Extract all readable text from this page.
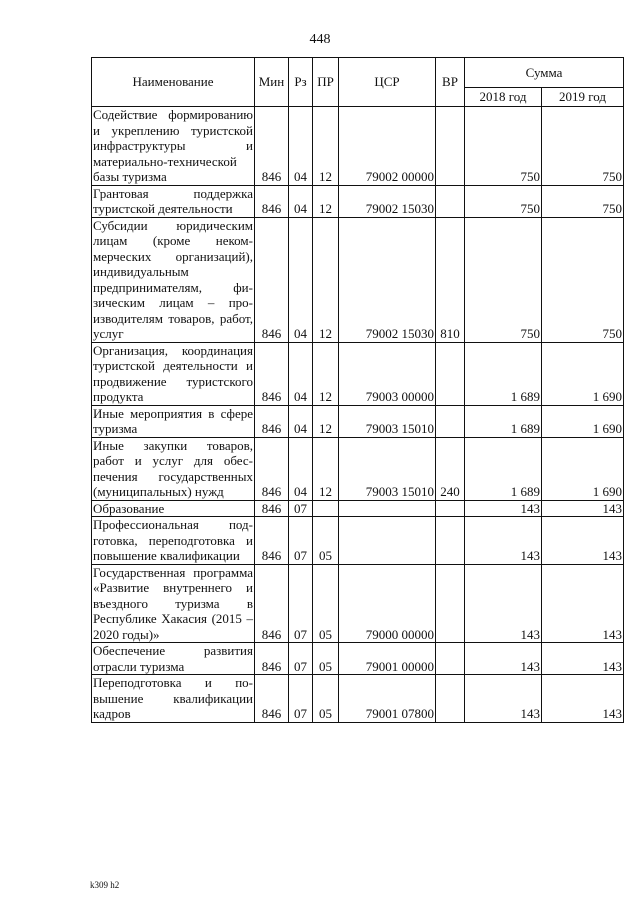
448
Наименование	Мин	Рз	ПР	ЦСР	ВР	Сумма	
						2018 год	2019 год
Содействие формированию и укреплению туристской инфраструктуры и материально-технической базы туризма	846	04	12	79002 00000		750	750
Грантовая поддержка туристской деятельности	846	04	12	79002 15030		750	750
Субсидии юридическим лицам (кроме некоммерческих организаций), индивидуальным предпринимателям, физическим лицам – производителям товаров, работ, услуг	846	04	12	79002 15030	810	750	750
Организация, координация туристской деятельности и продвижение туристского продукта	846	04	12	79003 00000		1 689	1 690
Иные мероприятия в сфере туризма	846	04	12	79003 15010		1 689	1 690
Иные закупки товаров, работ и услуг для обеспечения государственных (муниципальных) нужд	846	04	12	79003 15010	240	1 689	1 690
Образование	846	07				143	143
Профессиональная подготовка, переподготовка и повышение квалификации	846	07	05			143	143
Государственная программа «Развитие внутреннего и въездного туризма в Республике Хакасия (2015 – 2020 годы)»	846	07	05	79000 00000		143	143
Обеспечение развития отрасли туризма	846	07	05	79001 00000		143	143
Переподготовка и повышение квалификации кадров	846	07	05	79001 07800		143	143
k309 h2
